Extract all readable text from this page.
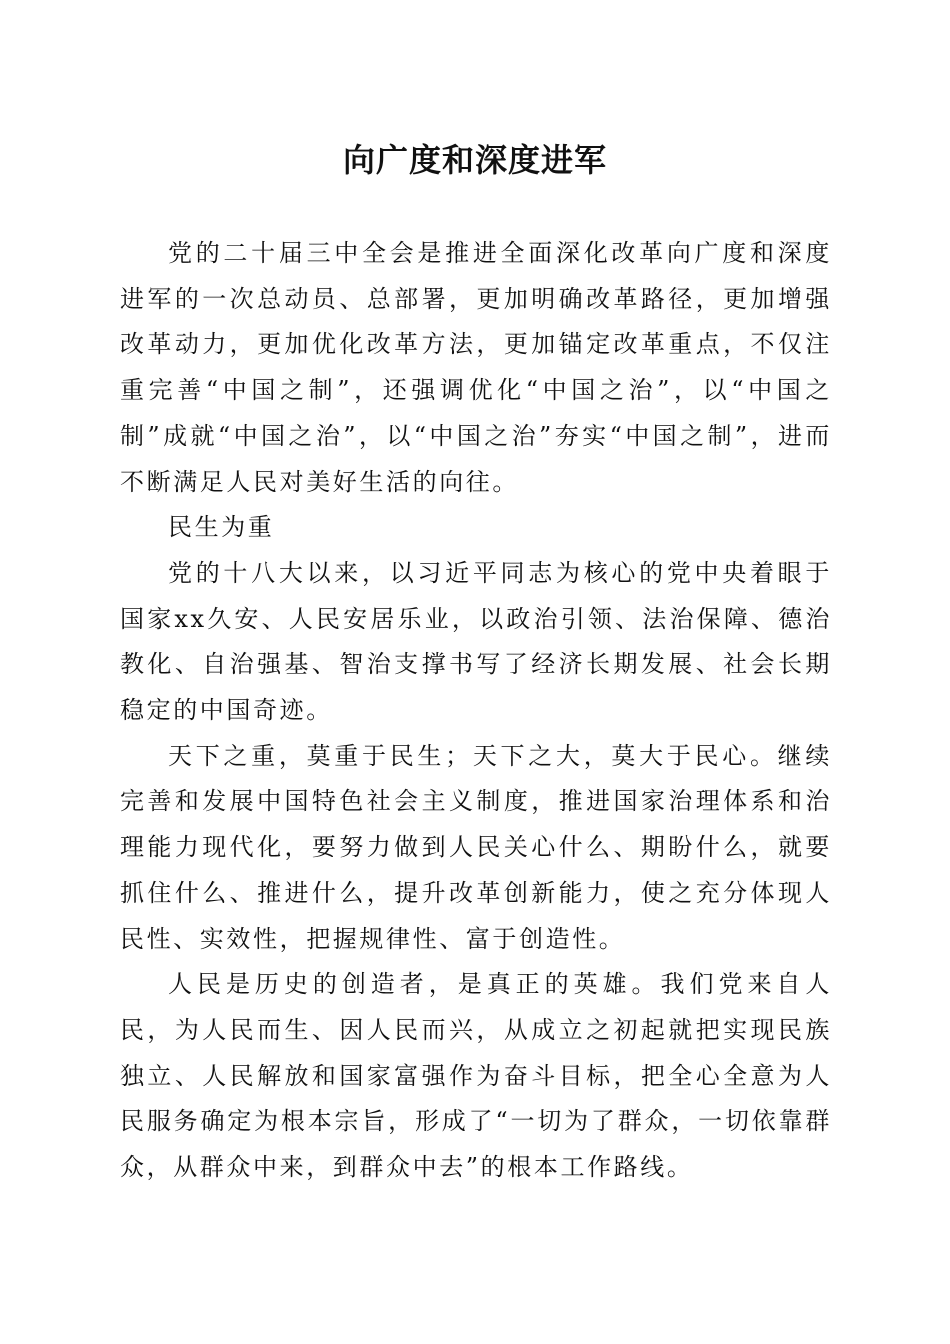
向广度和深度进军

党的二十届三中全会是推进全面深化改革向广度和深度进军的一次总动员、总部署，更加明确改革路径，更加增强改革动力，更加优化改革方法，更加锚定改革重点，不仅注重完善“中国之制”，还强调优化“中国之治”，以“中国之制”成就“中国之治”，以“中国之治”夯实“中国之制”，进而不断满足人民对美好生活的向往。

民生为重

党的十八大以来，以习近平同志为核心的党中央着眼于国家xx久安、人民安居乐业，以政治引领、法治保障、德治教化、自治强基、智治支撑书写了经济长期发展、社会长期稳定的中国奇迹。

天下之重，莫重于民生；天下之大，莫大于民心。继续完善和发展中国特色社会主义制度，推进国家治理体系和治理能力现代化，要努力做到人民关心什么、期盼什么，就要抓住什么、推进什么，提升改革创新能力，使之充分体现人民性、实效性，把握规律性、富于创造性。

人民是历史的创造者，是真正的英雄。我们党来自人民，为人民而生、因人民而兴，从成立之初起就把实现民族独立、人民解放和国家富强作为奋斗目标，把全心全意为人民服务确定为根本宗旨，形成了“一切为了群众，一切依靠群众，从群众中来，到群众中去”的根本工作路线。
